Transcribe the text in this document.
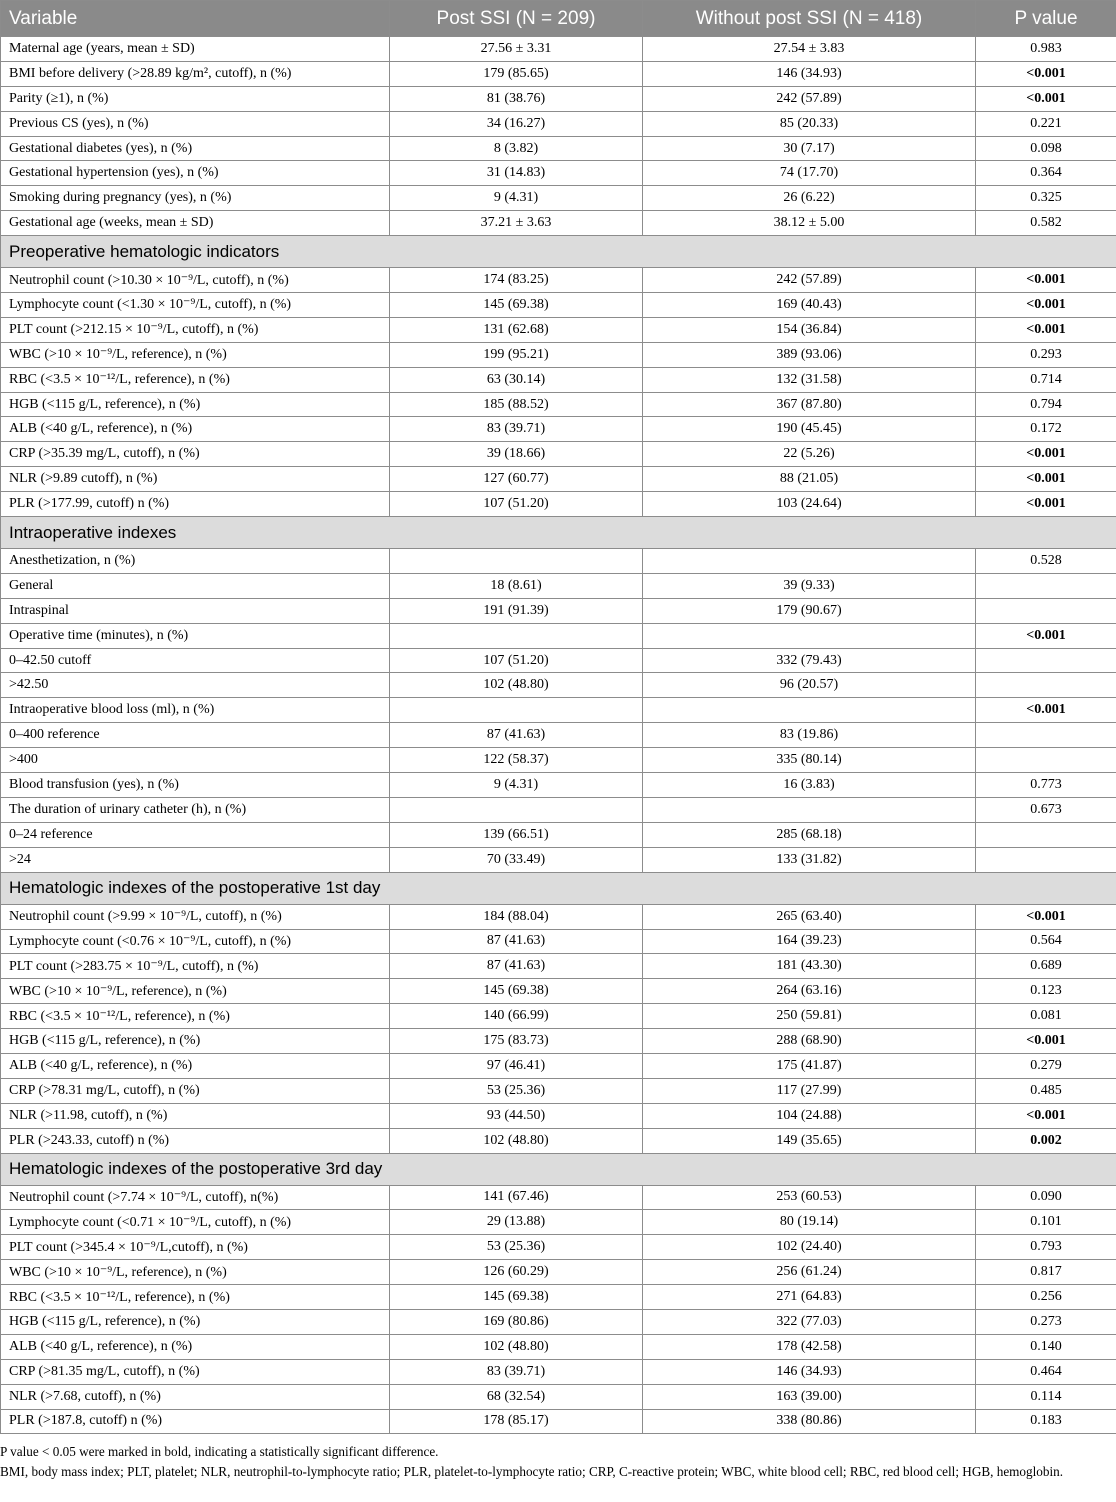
Variable	Post SSI (N = 209)	Without post SSI (N = 418)	P value
Maternal age (years, mean ± SD)	27.56 ± 3.31	27.54 ± 3.83	0.983
BMI before delivery (>28.89 kg/m², cutoff), n (%)	179 (85.65)	146 (34.93)	<0.001
Parity (≥1), n (%)	81 (38.76)	242 (57.89)	<0.001
Previous CS (yes), n (%)	34 (16.27)	85 (20.33)	0.221
Gestational diabetes (yes), n (%)	8 (3.82)	30 (7.17)	0.098
Gestational hypertension (yes), n (%)	31 (14.83)	74 (17.70)	0.364
Smoking during pregnancy (yes), n (%)	9 (4.31)	26 (6.22)	0.325
Gestational age (weeks, mean ± SD)	37.21 ± 3.63	38.12 ± 5.00	0.582
Preoperative hematologic indicators			
Neutrophil count (>10.30 × 10⁻⁹/L, cutoff), n (%)	174 (83.25)	242 (57.89)	<0.001
Lymphocyte count (<1.30 × 10⁻⁹/L, cutoff), n (%)	145 (69.38)	169 (40.43)	<0.001
PLT count (>212.15 × 10⁻⁹/L, cutoff), n (%)	131 (62.68)	154 (36.84)	<0.001
WBC (>10 × 10⁻⁹/L, reference), n (%)	199 (95.21)	389 (93.06)	0.293
RBC (<3.5 × 10⁻¹²/L, reference), n (%)	63 (30.14)	132 (31.58)	0.714
HGB (<115 g/L, reference), n (%)	185 (88.52)	367 (87.80)	0.794
ALB (<40 g/L, reference), n (%)	83 (39.71)	190 (45.45)	0.172
CRP (>35.39 mg/L, cutoff), n (%)	39 (18.66)	22 (5.26)	<0.001
NLR (>9.89 cutoff), n (%)	127 (60.77)	88 (21.05)	<0.001
PLR (>177.99, cutoff) n (%)	107 (51.20)	103 (24.64)	<0.001
Intraoperative indexes			
Anesthetization, n (%)			0.528
General	18 (8.61)	39 (9.33)	
Intraspinal	191 (91.39)	179 (90.67)	
Operative time (minutes), n (%)			<0.001
0–42.50 cutoff	107 (51.20)	332 (79.43)	
>42.50	102 (48.80)	96 (20.57)	
Intraoperative blood loss (ml), n (%)			<0.001
0–400 reference	87 (41.63)	83 (19.86)	
>400	122 (58.37)	335 (80.14)	
Blood transfusion (yes), n (%)	9 (4.31)	16 (3.83)	0.773
The duration of urinary catheter (h), n (%)			0.673
0–24 reference	139 (66.51)	285 (68.18)	
>24	70 (33.49)	133 (31.82)	
Hematologic indexes of the postoperative 1st day			
Neutrophil count (>9.99 × 10⁻⁹/L, cutoff), n (%)	184 (88.04)	265 (63.40)	<0.001
Lymphocyte count (<0.76 × 10⁻⁹/L, cutoff), n (%)	87 (41.63)	164 (39.23)	0.564
PLT count (>283.75 × 10⁻⁹/L, cutoff), n (%)	87 (41.63)	181 (43.30)	0.689
WBC (>10 × 10⁻⁹/L, reference), n (%)	145 (69.38)	264 (63.16)	0.123
RBC (<3.5 × 10⁻¹²/L, reference), n (%)	140 (66.99)	250 (59.81)	0.081
HGB (<115 g/L, reference), n (%)	175 (83.73)	288 (68.90)	<0.001
ALB (<40 g/L, reference), n (%)	97 (46.41)	175 (41.87)	0.279
CRP (>78.31 mg/L, cutoff), n (%)	53 (25.36)	117 (27.99)	0.485
NLR (>11.98, cutoff), n (%)	93 (44.50)	104 (24.88)	<0.001
PLR (>243.33, cutoff) n (%)	102 (48.80)	149 (35.65)	0.002
Hematologic indexes of the postoperative 3rd day			
Neutrophil count (>7.74 × 10⁻⁹/L, cutoff), n(%)	141 (67.46)	253 (60.53)	0.090
Lymphocyte count (<0.71 × 10⁻⁹/L, cutoff), n (%)	29 (13.88)	80 (19.14)	0.101
PLT count (>345.4 × 10⁻⁹/L,cutoff), n (%)	53 (25.36)	102 (24.40)	0.793
WBC (>10 × 10⁻⁹/L, reference), n (%)	126 (60.29)	256 (61.24)	0.817
RBC (<3.5 × 10⁻¹²/L, reference), n (%)	145 (69.38)	271 (64.83)	0.256
HGB (<115 g/L, reference), n (%)	169 (80.86)	322 (77.03)	0.273
ALB (<40 g/L, reference), n (%)	102 (48.80)	178 (42.58)	0.140
CRP (>81.35 mg/L, cutoff), n (%)	83 (39.71)	146 (34.93)	0.464
NLR (>7.68, cutoff), n (%)	68 (32.54)	163 (39.00)	0.114
PLR (>187.8, cutoff) n (%)	178 (85.17)	338 (80.86)	0.183

P value < 0.05 were marked in bold, indicating a statistically significant difference.

BMI, body mass index; PLT, platelet; NLR, neutrophil-to-lymphocyte ratio; PLR, platelet-to-lymphocyte ratio; CRP, C-reactive protein; WBC, white blood cell; RBC, red blood cell; HGB, hemoglobin.
